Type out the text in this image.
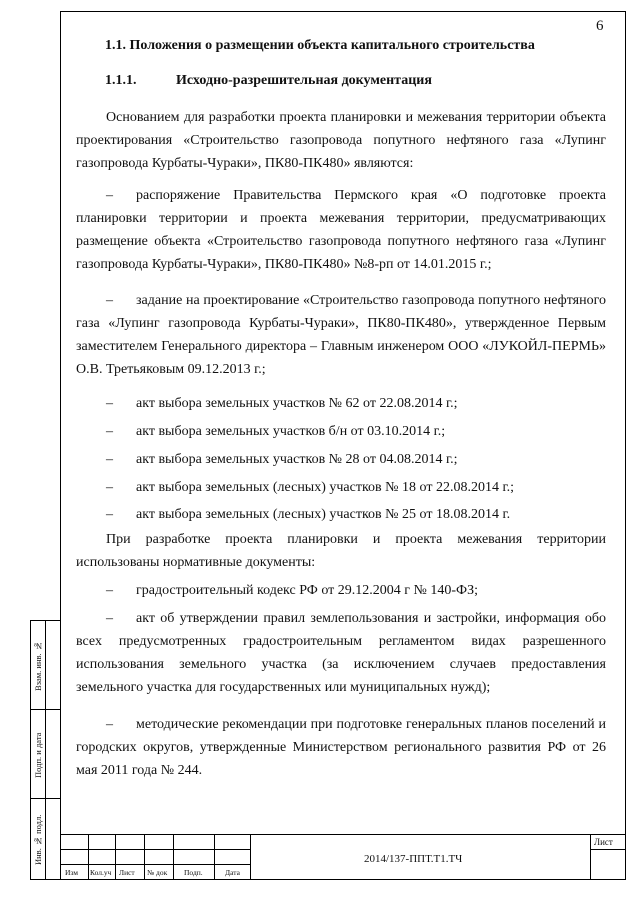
6
Взам. инв. №
Подп. и дата
Инв. № подл.
1.1. Положения о размещении объекта капитального строительства
1.1.1.	Исходно-разрешительная документация
Основанием для разработки проекта планировки и межевания территории объекта проектирования «Строительство газопровода попутного нефтяного газа «Лупинг газопровода Курбаты-Чураки», ПК80-ПК480» являются:
– распоряжение Правительства Пермского края «О подготовке проекта планировки территории и проекта межевания территории, предусматривающих размещение объекта «Строительство газопровода попутного нефтяного газа «Лупинг газопровода Курбаты-Чураки», ПК80-ПК480» №8-рп от 14.01.2015 г.;
– задание на проектирование «Строительство газопровода попутного нефтяного газа «Лупинг газопровода Курбаты-Чураки», ПК80-ПК480», утвержденное Первым заместителем Генерального директора – Главным инженером ООО «ЛУКОЙЛ-ПЕРМЬ» О.В. Третьяковым 09.12.2013 г.;
– акт выбора земельных участков № 62 от 22.08.2014 г.;
– акт выбора земельных участков б/н от 03.10.2014 г.;
– акт выбора земельных участков № 28 от 04.08.2014 г.;
– акт выбора земельных (лесных) участков № 18 от 22.08.2014 г.;
– акт выбора земельных (лесных) участков № 25 от 18.08.2014 г.
При разработке проекта планировки и проекта межевания территории использованы нормативные документы:
– градостроительный кодекс РФ от 29.12.2004 г № 140-ФЗ;
– акт об утверждении правил землепользования и застройки, информация обо всех предусмотренных градостроительным регламентом видах разрешенного использования земельного участка (за исключением случаев предоставления земельного участка для государственных или муниципальных нужд);
– методические рекомендации при подготовке генеральных планов поселений и городских округов, утвержденные Министерством регионального развития РФ от 26 мая 2011 года № 244.
Изм Кол.уч Лист № док Подп.	Дата
2014/137-ППТ.Т1.ТЧ
Лист
